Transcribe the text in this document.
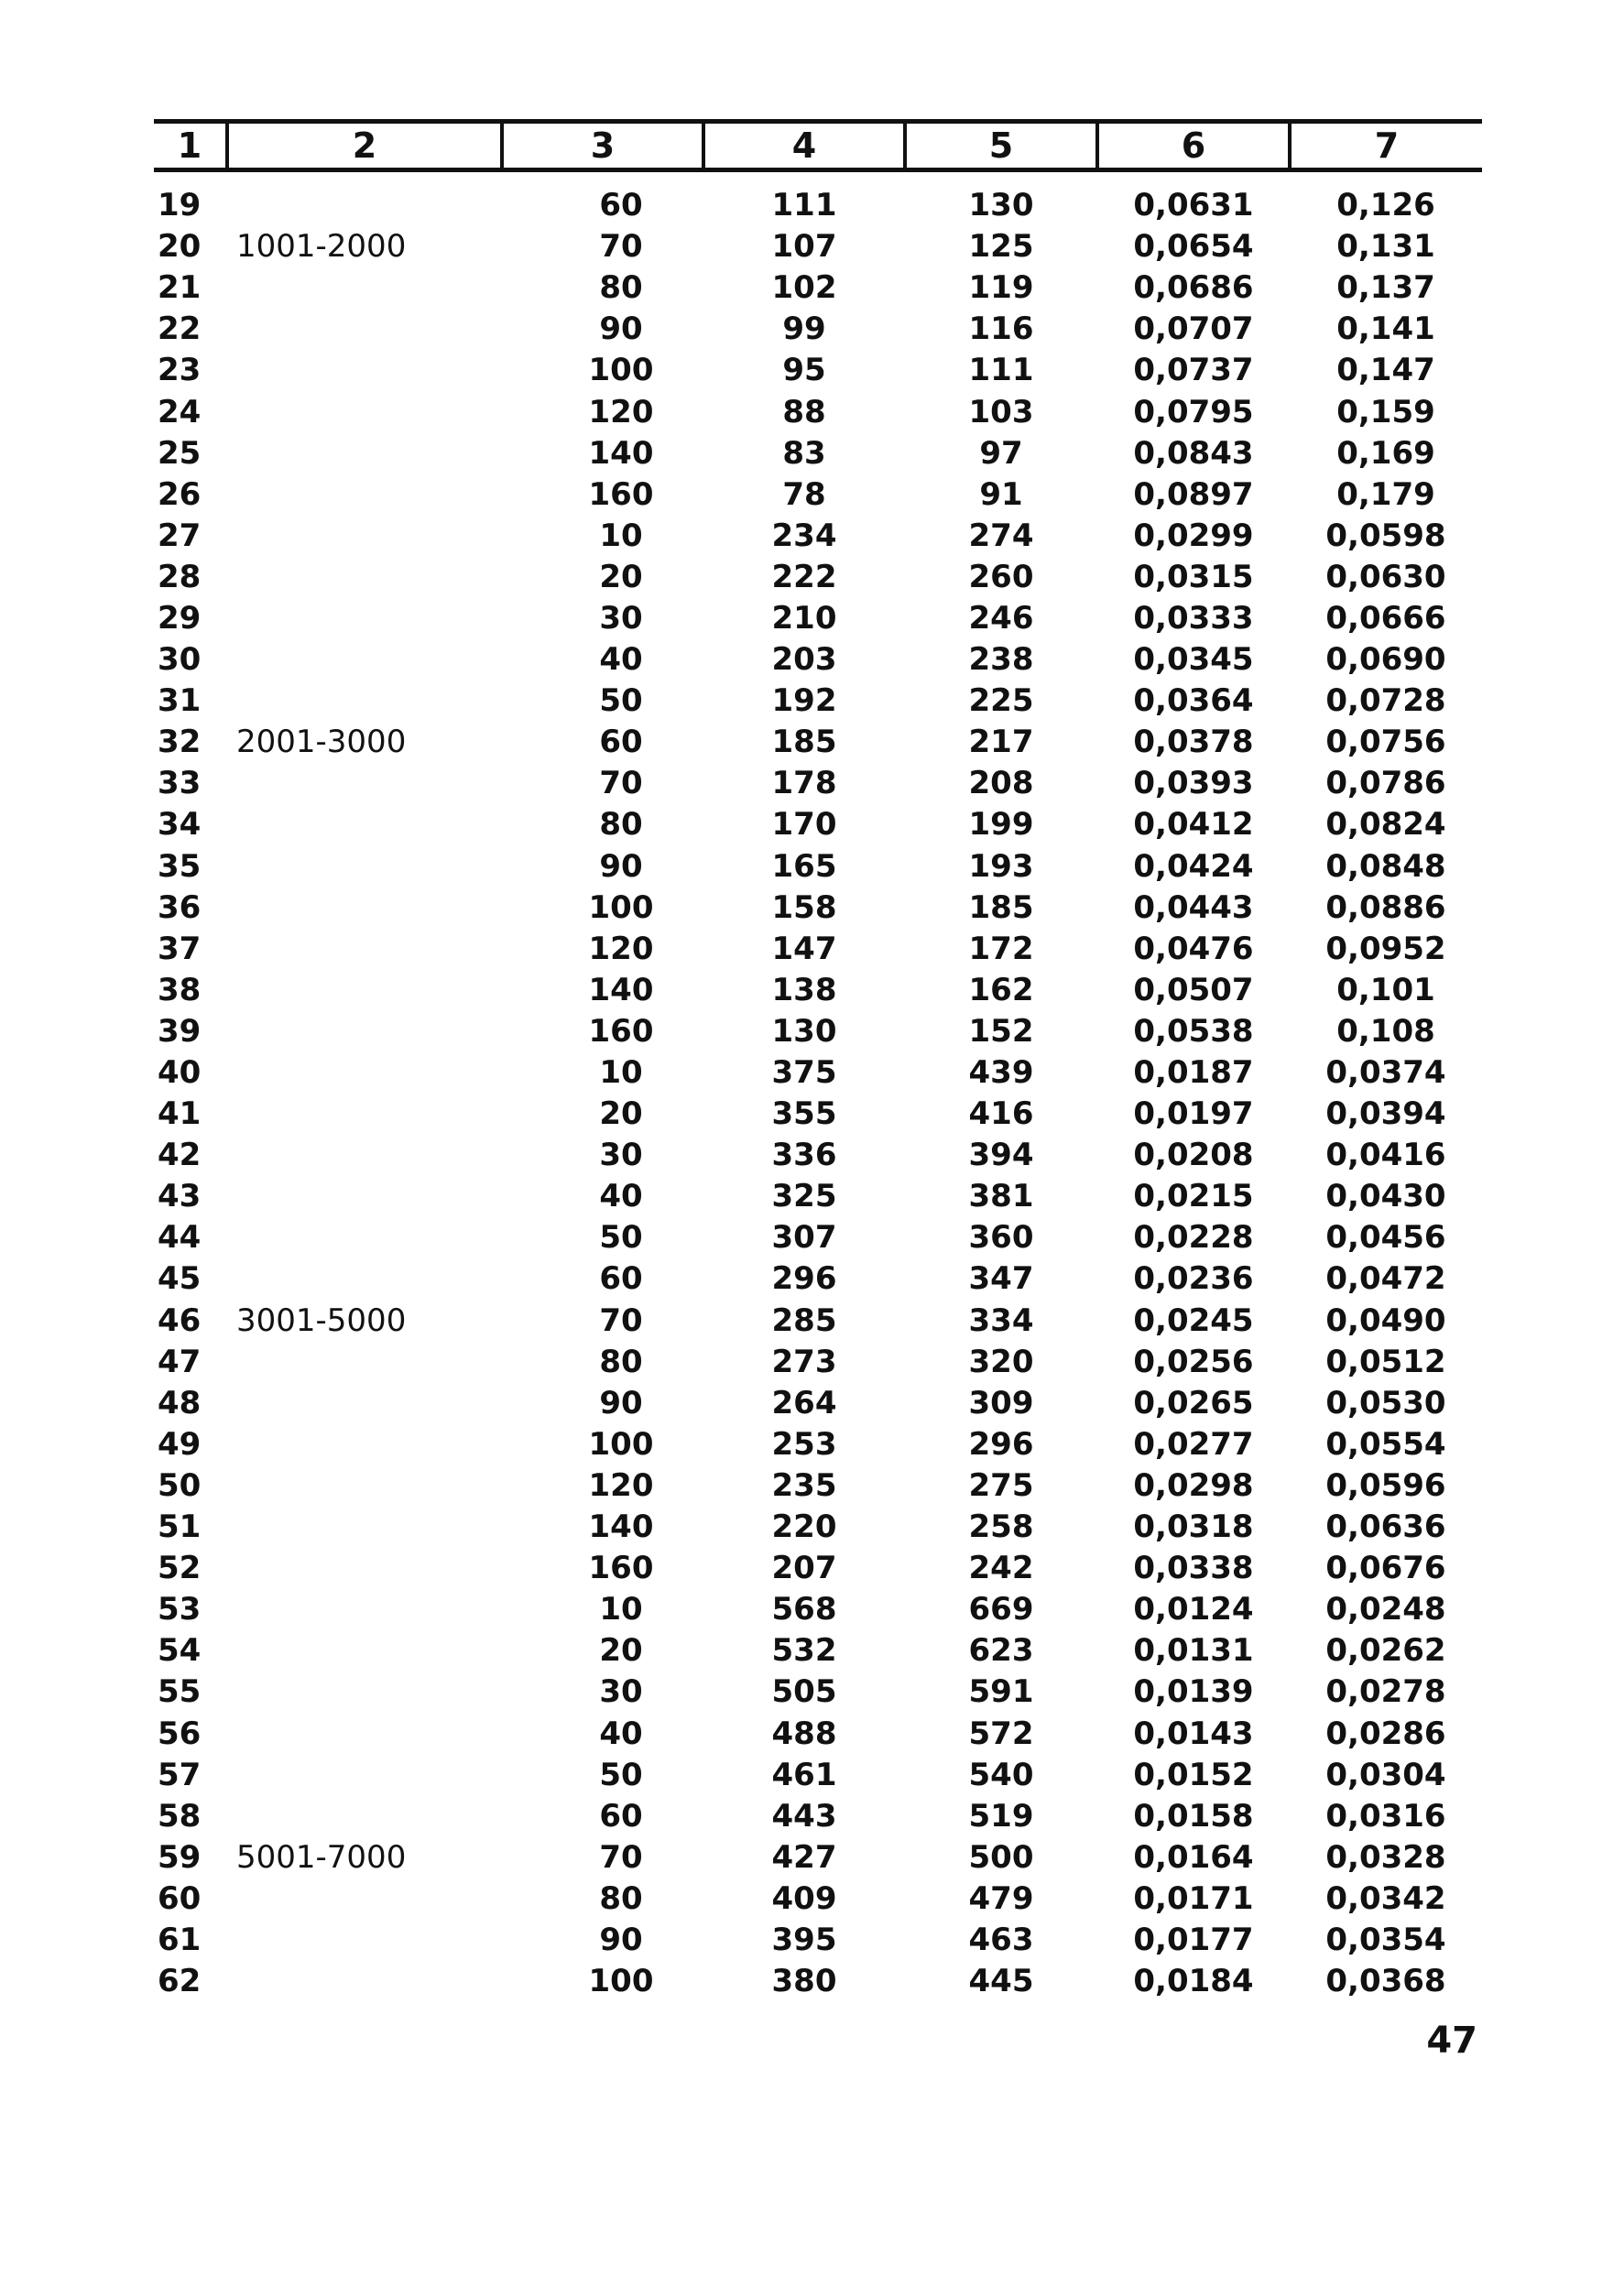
1	2	3	4	5	6	7
19		60	111	130	0,0631	0,126
20	1001-2000	70	107	125	0,0654	0,131
21		80	102	119	0,0686	0,137
22		90	99	116	0,0707	0,141
23		100	95	111	0,0737	0,147
24		120	88	103	0,0795	0,159
25		140	83	97	0,0843	0,169
26		160	78	91	0,0897	0,179
27		10	234	274	0,0299	0,0598
28		20	222	260	0,0315	0,0630
29		30	210	246	0,0333	0,0666
30		40	203	238	0,0345	0,0690
31		50	192	225	0,0364	0,0728
32	2001-3000	60	185	217	0,0378	0,0756
33		70	178	208	0,0393	0,0786
34		80	170	199	0,0412	0,0824
35		90	165	193	0,0424	0,0848
36		100	158	185	0,0443	0,0886
37		120	147	172	0,0476	0,0952
38		140	138	162	0,0507	0,101
39		160	130	152	0,0538	0,108
40		10	375	439	0,0187	0,0374
41		20	355	416	0,0197	0,0394
42		30	336	394	0,0208	0,0416
43		40	325	381	0,0215	0,0430
44		50	307	360	0,0228	0,0456
45		60	296	347	0,0236	0,0472
46	3001-5000	70	285	334	0,0245	0,0490
47		80	273	320	0,0256	0,0512
48		90	264	309	0,0265	0,0530
49		100	253	296	0,0277	0,0554
50		120	235	275	0,0298	0,0596
51		140	220	258	0,0318	0,0636
52		160	207	242	0,0338	0,0676
53		10	568	669	0,0124	0,0248
54		20	532	623	0,0131	0,0262
55		30	505	591	0,0139	0,0278
56		40	488	572	0,0143	0,0286
57		50	461	540	0,0152	0,0304
58		60	443	519	0,0158	0,0316
59	5001-7000	70	427	500	0,0164	0,0328
60		80	409	479	0,0171	0,0342
61		90	395	463	0,0177	0,0354
62		100	380	445	0,0184	0,0368
47
